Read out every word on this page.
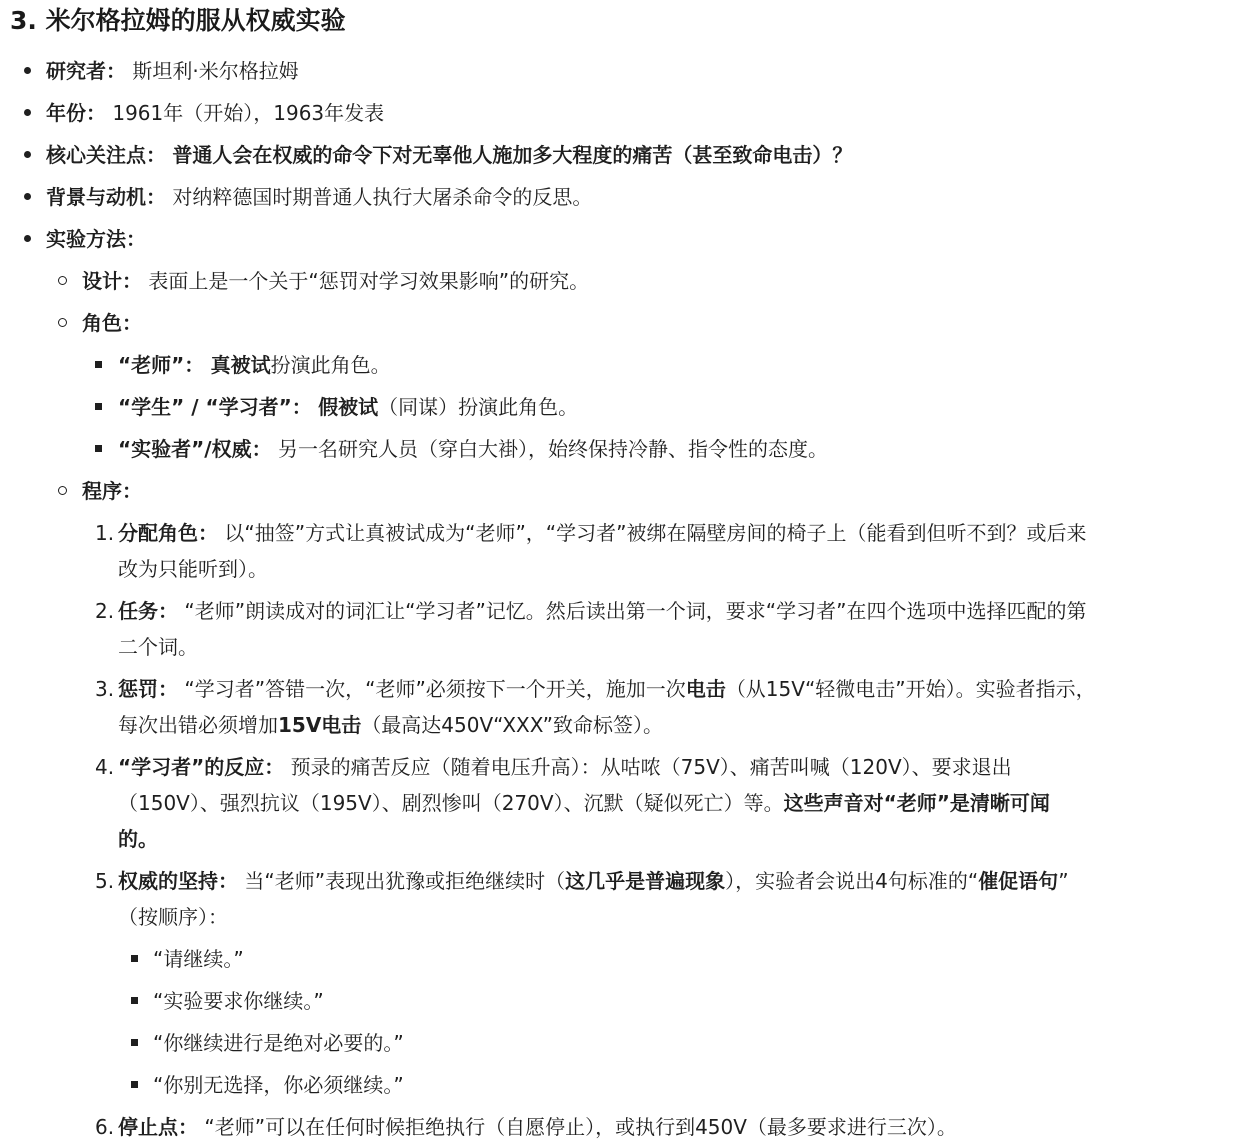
3. 米尔格拉姆的服从权威实验
研究者： 斯坦利·米尔格拉姆
年份： 1961年（开始），1963年发表
核心关注点： 普通人会在权威的命令下对无辜他人施加多大程度的痛苦（甚至致命电击）？
背景与动机： 对纳粹德国时期普通人执行大屠杀命令的反思。
实验方法：
设计： 表面上是一个关于“惩罚对学习效果影响”的研究。
角色：
“老师”： 真被试扮演此角色。
“学生” / “学习者”： 假被试（同谋）扮演此角色。
“实验者”/权威： 另一名研究人员（穿白大褂），始终保持冷静、指令性的态度。
程序：
1. 分配角色： 以“抽签”方式让真被试成为“老师”，“学习者”被绑在隔壁房间的椅子上（能看到但听不到？或后来
改为只能听到）。
2. 任务： “老师”朗读成对的词汇让“学习者”记忆。然后读出第一个词，要求“学习者”在四个选项中选择匹配的第
二个词。
3. 惩罚： “学习者”答错一次，“老师”必须按下一个开关，施加一次电击（从15V“轻微电击”开始）。实验者指示，
每次出错必须增加15V电击（最高达450V“XXX”致命标签）。
4. “学习者”的反应： 预录的痛苦反应（随着电压升高）：从咕哝（75V）、痛苦叫喊（120V）、要求退出
（150V）、强烈抗议（195V）、剧烈惨叫（270V）、沉默（疑似死亡）等。这些声音对“老师”是清晰可闻
的。
5. 权威的坚持： 当“老师”表现出犹豫或拒绝继续时（这几乎是普遍现象），实验者会说出4句标准的“催促语句”
（按顺序）：
“请继续。”
“实验要求你继续。”
“你继续进行是绝对必要的。”
“你别无选择，你必须继续。”
6. 停止点： “老师”可以在任何时候拒绝执行（自愿停止），或执行到450V（最多要求进行三次）。
